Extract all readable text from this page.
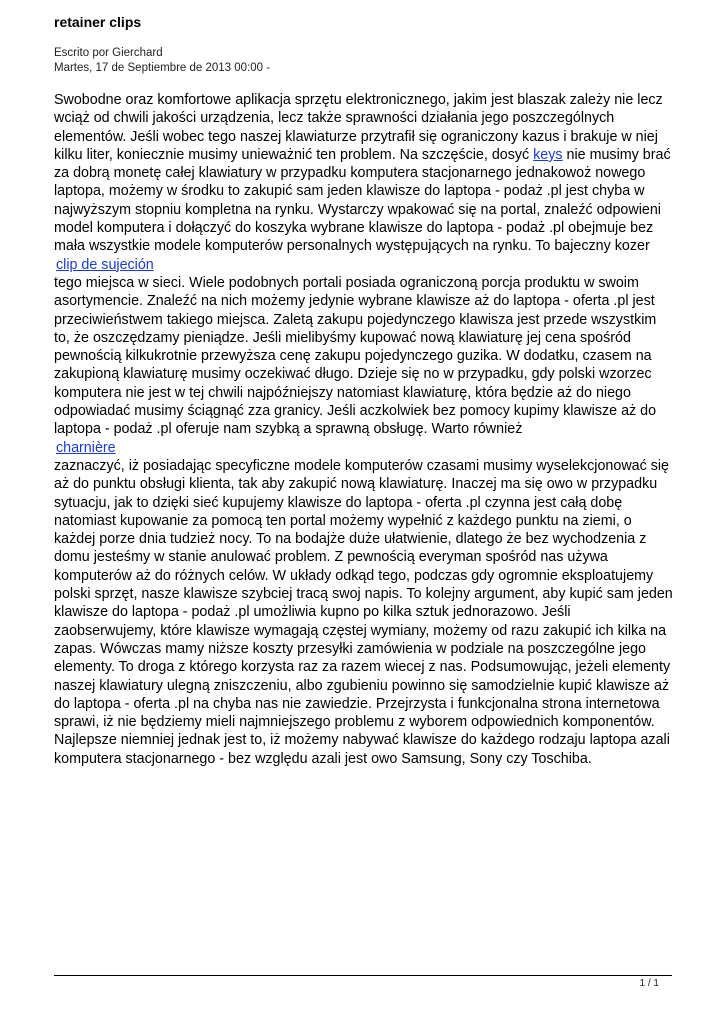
retainer clips
Escrito por Gierchard
Martes, 17 de Septiembre de 2013 00:00 -

Swobodne oraz komfortowe aplikacja sprzętu elektronicznego, jakim jest blaszak zależy nie lecz wciąż od chwili jakości urządzenia, lecz także sprawności działania jego poszczególnych elementów. Jeśli wobec tego naszej klawiaturze przytrafił się ograniczony kazus i brakuje w niej kilku liter, koniecznie musimy unieważnić ten problem. Na szczęście, dosyć keys nie musimy brać za dobrą monetę całej klawiatury w przypadku komputera stacjonarnego jednakowoż nowego laptopa, możemy w środku to zakupić sam jeden klawisze do laptopa - podaż .pl jest chyba w najwyższym stopniu kompletna na rynku. Wystarczy wpakować się na portal, znaleźć odpowieni model komputera i dołączyć do koszyka wybrane klawisze do laptopa - podaż .pl obejmuje bez mała wszystkie modele komputerów personalnych występujących na rynku. To bajeczny kozer

clip de sujeción

tego miejsca w sieci. Wiele podobnych portali posiada ograniczoną porcja produktu w swoim asortymencie. Znaleźć na nich możemy jedynie wybrane klawisze aż do laptopa - oferta .pl jest przeciwieństwem takiego miejsca. Zaletą zakupu pojedynczego klawisza jest przede wszystkim to, że oszczędzamy pieniądze. Jeśli mielibyśmy kupować nową klawiaturę jej cena spośród pewnością kilkukrotnie przewyższa cenę zakupu pojedynczego guzika. W dodatku, czasem na zakupioną klawiaturę musimy oczekiwać długo. Dzieje się no w przypadku, gdy polski wzorzec komputera nie jest w tej chwili najpóźniejszy natomiast klawiaturę, która będzie aż do niego odpowiadać musimy ściągnąć zza granicy. Jeśli aczkolwiek bez pomocy kupimy klawisze aż do laptopa - podaż .pl oferuje nam szybką a sprawną obsługę. Warto również

charnière

zaznaczyć, iż posiadając specyficzne modele komputerów czasami musimy wyselekcjonować się aż do punktu obsługi klienta, tak aby zakupić nową klawiaturę. Inaczej ma się owo w przypadku sytuacju, jak to dzięki sieć kupujemy klawisze do laptopa - oferta .pl czynna jest całą dobę natomiast kupowanie za pomocą ten portal możemy wypełnić z każdego punktu na ziemi, o każdej porze dnia tudzież nocy. To na bodajże duże ułatwienie, dlatego że bez wychodzenia z domu jesteśmy w stanie anulować problem. Z pewnością everyman spośród nas używa komputerów aż do różnych celów. W układy odkąd tego, podczas gdy ogromnie eksploatujemy polski sprzęt, nasze klawisze szybciej tracą swoj napis. To kolejny argument, aby kupić sam jeden klawisze do laptopa - podaż .pl umożliwia kupno po kilka sztuk jednorazowo. Jeśli zaobserwujemy, które klawisze wymagają częstej wymiany, możemy od razu zakupić ich kilka na zapas. Wówczas mamy niższe koszty przesyłki zamówienia w podziale na poszczególne jego elementy. To droga z którego korzysta raz za razem wiecej z nas. Podsumowując, jeżeli elementy naszej klawiatury ulegną zniszczeniu, albo zgubieniu powinno się samodzielnie kupić klawisze aż do laptopa - oferta .pl na chyba nas nie zawiedzie. Przejrzysta i funkcjonalna strona internetowa sprawi, iż nie będziemy mieli najmniejszego problemu z wyborem odpowiednich komponentów. Najlepsze niemniej jednak jest to, iż możemy nabywać klawisze do każdego rodzaju laptopa azali komputera stacjonarnego - bez względu azali jest owo Samsung, Sony czy Toschiba.

1 / 1
